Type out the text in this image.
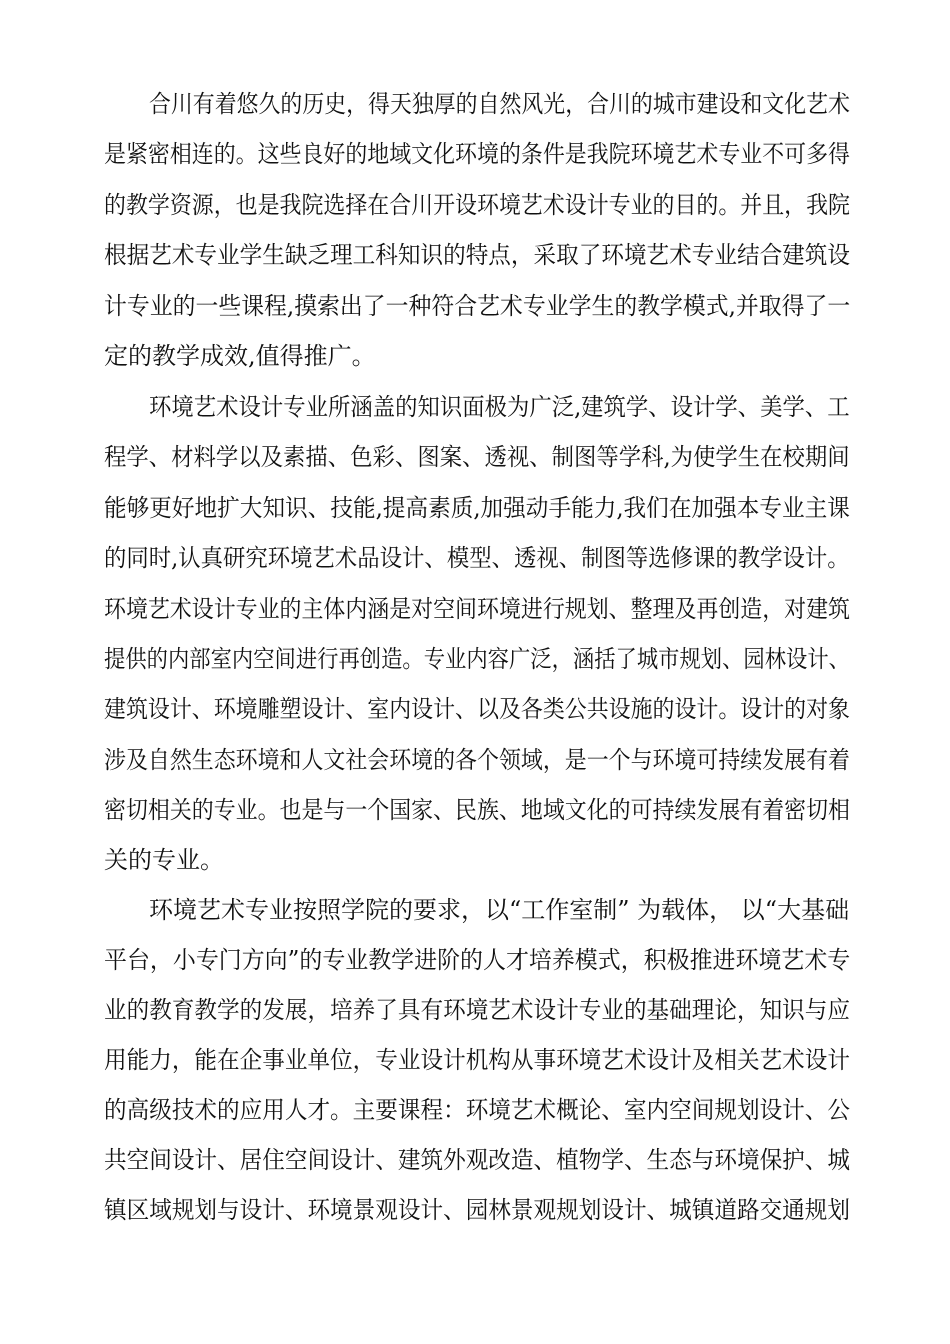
合川有着悠久的历史，得天独厚的自然风光，合川的城市建设和文化艺术
是紧密相连的。这些良好的地域文化环境的条件是我院环境艺术专业不可多得
的教学资源，也是我院选择在合川开设环境艺术设计专业的目的。并且，我院
根据艺术专业学生缺乏理工科知识的特点，采取了环境艺术专业结合建筑设
计专业的一些课程,摸索出了一种符合艺术专业学生的教学模式,并取得了一
定的教学成效,值得推广。
环境艺术设计专业所涵盖的知识面极为广泛,建筑学、设计学、美学、工
程学、材料学以及素描、色彩、图案、透视、制图等学科,为使学生在校期间
能够更好地扩大知识、技能,提高素质,加强动手能力,我们在加强本专业主课
的同时,认真研究环境艺术品设计、模型、透视、制图等选修课的教学设计。
环境艺术设计专业的主体内涵是对空间环境进行规划、整理及再创造，对建筑
提供的内部室内空间进行再创造。专业内容广泛，涵括了城市规划、园林设计、
建筑设计、环境雕塑设计、室内设计、以及各类公共设施的设计。设计的对象
涉及自然生态环境和人文社会环境的各个领域，是一个与环境可持续发展有着
密切相关的专业。也是与一个国家、民族、地域文化的可持续发展有着密切相
关的专业。
环境艺术专业按照学院的要求，以“工作室制” 为载体， 以“大基础
平台，小专门方向”的专业教学进阶的人才培养模式，积极推进环境艺术专
业的教育教学的发展，培养了具有环境艺术设计专业的基础理论，知识与应
用能力，能在企事业单位，专业设计机构从事环境艺术设计及相关艺术设计
的高级技术的应用人才。主要课程：环境艺术概论、室内空间规划设计、公
共空间设计、居住空间设计、建筑外观改造、植物学、生态与环境保护、城
镇区域规划与设计、环境景观设计、园林景观规划设计、城镇道路交通规划
